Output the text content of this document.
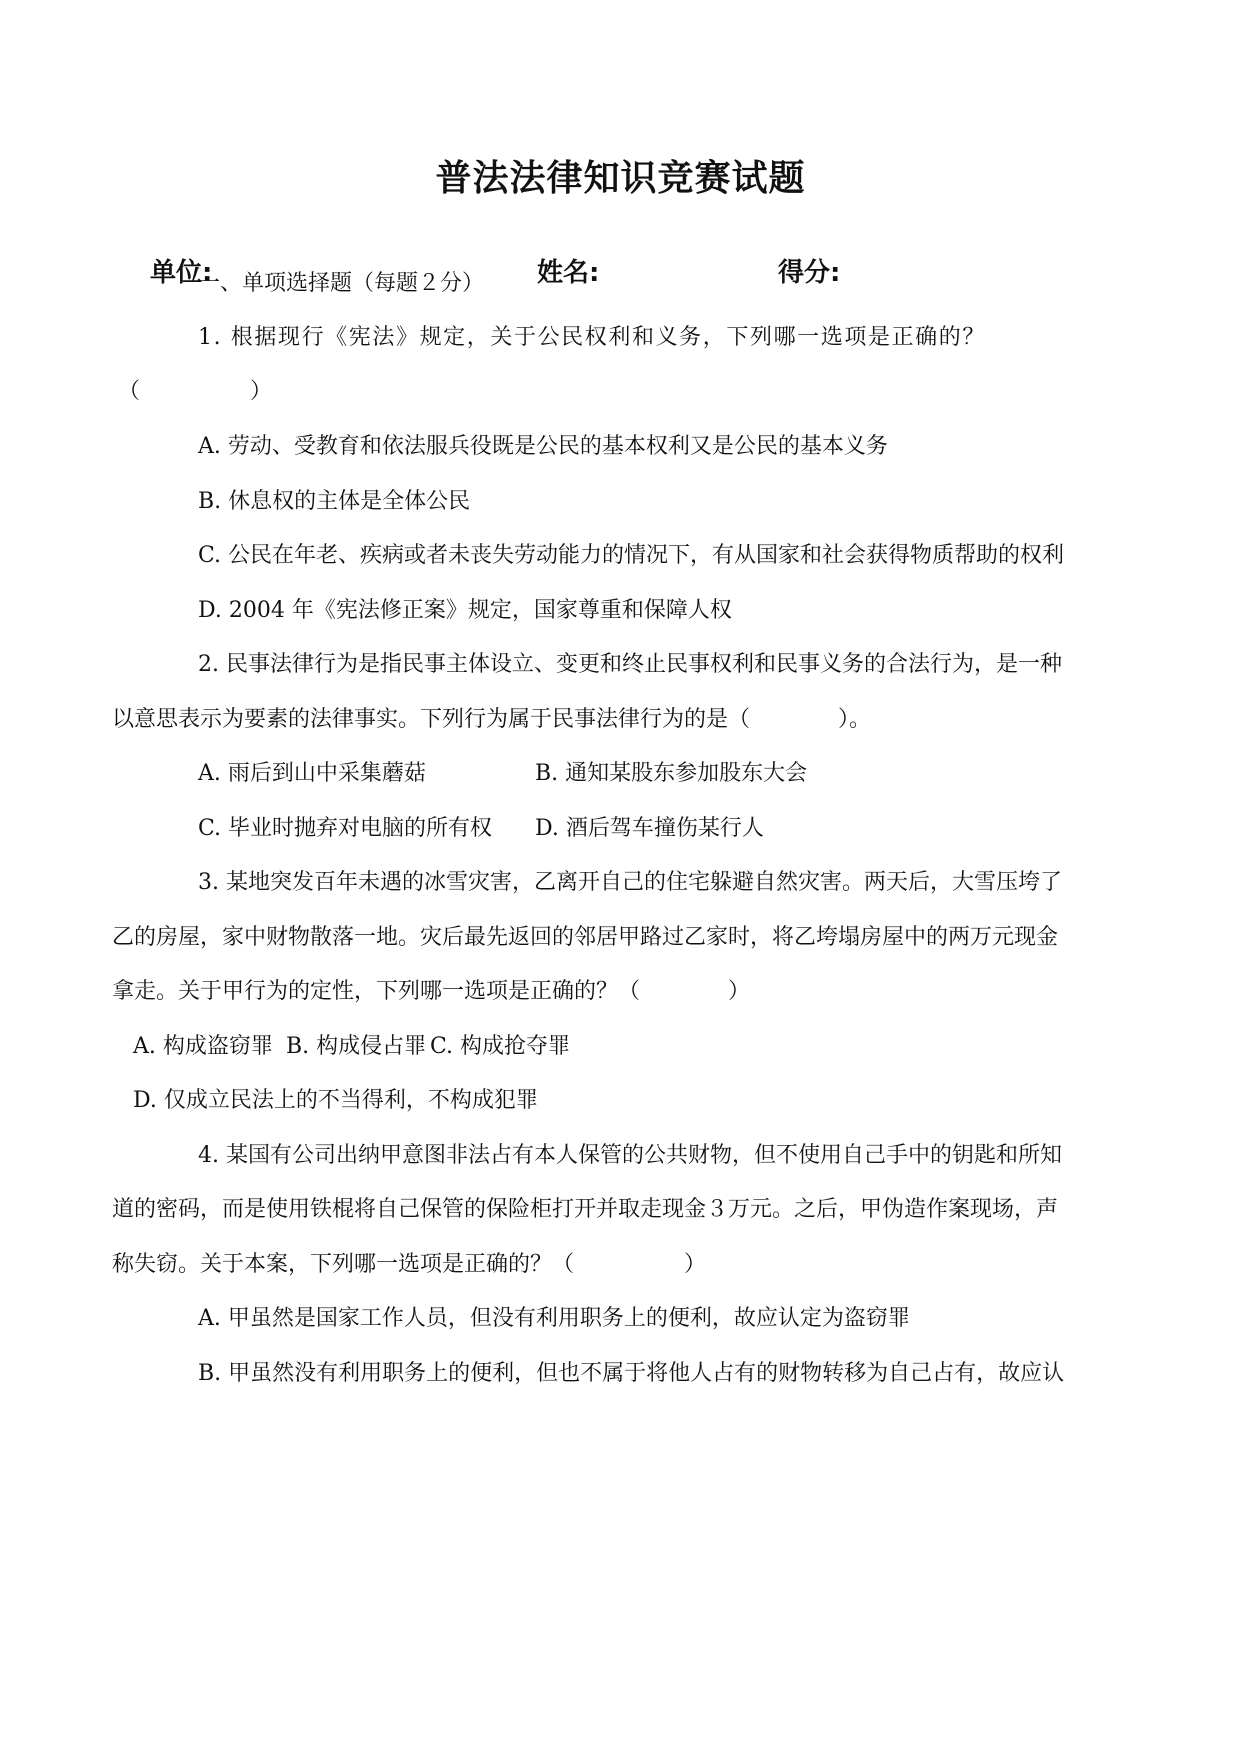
普法法律知识竞赛试题
单位:	姓名:	得分:
一、单项选择题（每题２分）
1. 根据现行《宪法》规定，关于公民权利和义务，下列哪一选项是正确的？
（　　　　　）
A. 劳动、受教育和依法服兵役既是公民的基本权利又是公民的基本义务
B. 休息权的主体是全体公民
C. 公民在年老、疾病或者未丧失劳动能力的情况下，有从国家和社会获得物质帮助的权利
D. 2004 年《宪法修正案》规定，国家尊重和保障人权
2. 民事法律行为是指民事主体设立、变更和终止民事权利和民事义务的合法行为，是一种
以意思表示为要素的法律事实。下列行为属于民事法律行为的是（　　　　）。
A. 雨后到山中采集蘑菇	B. 通知某股东参加股东大会
C. 毕业时抛弃对电脑的所有权 D. 酒后驾车撞伤某行人
3. 某地突发百年未遇的冰雪灾害，乙离开自己的住宅躲避自然灾害。两天后，大雪压垮了
乙的房屋，家中财物散落一地。灾后最先返回的邻居甲路过乙家时，将乙垮塌房屋中的两万元现金
拿走。关于甲行为的定性，下列哪一选项是正确的？（　　　　）
A. 构成盗窃罪 B. 构成侵占罪 C. 构成抢夺罪
D. 仅成立民法上的不当得利，不构成犯罪
4. 某国有公司出纳甲意图非法占有本人保管的公共财物，但不使用自己手中的钥匙和所知
道的密码，而是使用铁棍将自己保管的保险柜打开并取走现金３万元。之后，甲伪造作案现场，声
称失窃。关于本案，下列哪一选项是正确的？（　　　　　）
A. 甲虽然是国家工作人员，但没有利用职务上的便利，故应认定为盗窃罪
B. 甲虽然没有利用职务上的便利，但也不属于将他人占有的财物转移为自己占有，故应认
